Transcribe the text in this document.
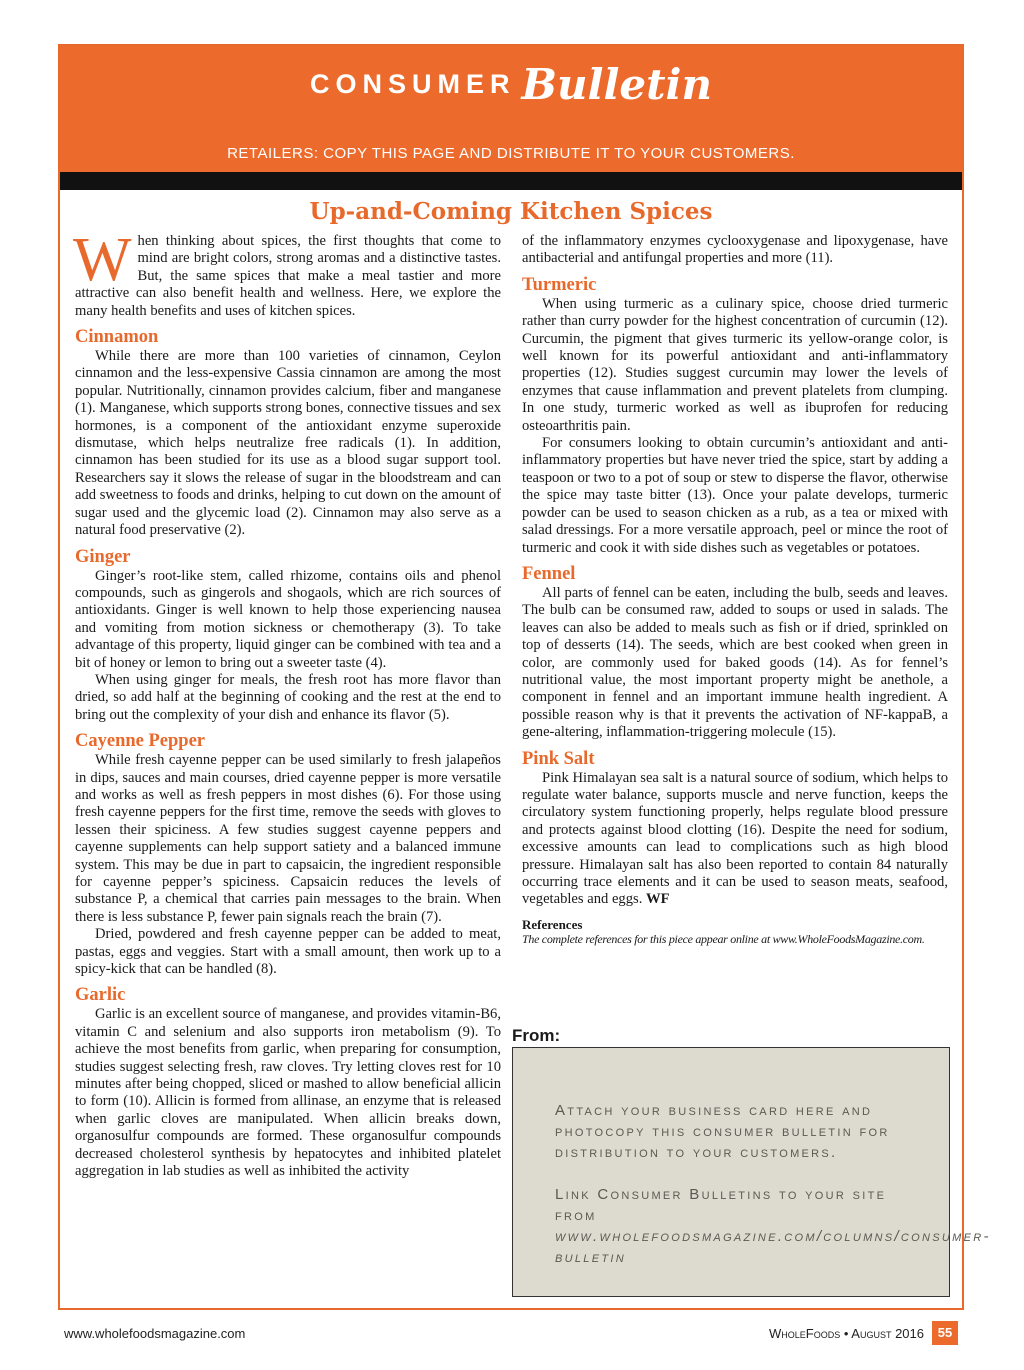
CONSUMER Bulletin
RETAILERS: COPY THIS PAGE AND DISTRIBUTE IT TO YOUR CUSTOMERS.
Up-and-Coming Kitchen Spices

When thinking about spices, the first thoughts that come to mind are bright colors, strong aromas and a distinctive tastes. But, the same spices that make a meal tastier and more attractive can also benefit health and wellness. Here, we explore the many health benefits and uses of kitchen spices.

Cinnamon

While there are more than 100 varieties of cinnamon, Ceylon cinnamon and the less-expensive Cassia cinnamon are among the most popular. Nutritionally, cinnamon provides calcium, fiber and manganese (1). Manganese, which supports strong bones, connective tissues and sex hormones, is a component of the antioxidant enzyme superoxide dismutase, which helps neutralize free radicals (1). In addition, cinnamon has been studied for its use as a blood sugar support tool. Researchers say it slows the release of sugar in the bloodstream and can add sweetness to foods and drinks, helping to cut down on the amount of sugar used and the glycemic load (2). Cinnamon may also serve as a natural food preservative (2).

Ginger

Ginger’s root-like stem, called rhizome, contains oils and phenol compounds, such as gingerols and shogaols, which are rich sources of antioxidants. Ginger is well known to help those experiencing nausea and vomiting from motion sickness or chemotherapy (3). To take advantage of this property, liquid ginger can be combined with tea and a bit of honey or lemon to bring out a sweeter taste (4).

When using ginger for meals, the fresh root has more flavor than dried, so add half at the beginning of cooking and the rest at the end to bring out the complexity of your dish and enhance its flavor (5).

Cayenne Pepper

While fresh cayenne pepper can be used similarly to fresh jalapeños in dips, sauces and main courses, dried cayenne pepper is more versatile and works as well as fresh peppers in most dishes (6). For those using fresh cayenne peppers for the first time, remove the seeds with gloves to lessen their spiciness. A few studies suggest cayenne peppers and cayenne supplements can help support satiety and a balanced immune system. This may be due in part to capsaicin, the ingredient responsible for cayenne pepper’s spiciness. Capsaicin reduces the levels of substance P, a chemical that carries pain messages to the brain. When there is less substance P, fewer pain signals reach the brain (7).

Dried, powdered and fresh cayenne pepper can be added to meat, pastas, eggs and veggies. Start with a small amount, then work up to a spicy-kick that can be handled (8).

Garlic

Garlic is an excellent source of manganese, and provides vitamin-B6, vitamin C and selenium and also supports iron metabolism (9). To achieve the most benefits from garlic, when preparing for consumption, studies suggest selecting fresh, raw cloves. Try letting cloves rest for 10 minutes after being chopped, sliced or mashed to allow beneficial allicin to form (10). Allicin is formed from allinase, an enzyme that is released when garlic cloves are manipulated. When allicin breaks down, organosulfur compounds are formed. These organosulfur compounds decreased cholesterol synthesis by hepatocytes and inhibited platelet aggregation in lab studies as well as inhibited the activity

of the inflammatory enzymes cyclooxygenase and lipoxygenase, have antibacterial and antifungal properties and more (11).

Turmeric

When using turmeric as a culinary spice, choose dried turmeric rather than curry powder for the highest concentration of curcumin (12). Curcumin, the pigment that gives turmeric its yellow-orange color, is well known for its powerful antioxidant and anti-inflammatory properties (12). Studies suggest curcumin may lower the levels of enzymes that cause inflammation and prevent platelets from clumping. In one study, turmeric worked as well as ibuprofen for reducing osteoarthritis pain.

For consumers looking to obtain curcumin’s antioxidant and anti-inflammatory properties but have never tried the spice, start by adding a teaspoon or two to a pot of soup or stew to disperse the flavor, otherwise the spice may taste bitter (13). Once your palate develops, turmeric powder can be used to season chicken as a rub, as a tea or mixed with salad dressings. For a more versatile approach, peel or mince the root of turmeric and cook it with side dishes such as vegetables or potatoes.

Fennel

All parts of fennel can be eaten, including the bulb, seeds and leaves. The bulb can be consumed raw, added to soups or used in salads. The leaves can also be added to meals such as fish or if dried, sprinkled on top of desserts (14). The seeds, which are best cooked when green in color, are commonly used for baked goods (14). As for fennel’s nutritional value, the most important property might be anethole, a component in fennel and an important immune health ingredient. A possible reason why is that it prevents the activation of NF-kappaB, a gene-altering, inflammation-triggering molecule (15).

Pink Salt

Pink Himalayan sea salt is a natural source of sodium, which helps to regulate water balance, supports muscle and nerve function, keeps the circulatory system functioning properly, helps regulate blood pressure and protects against blood clotting (16). Despite the need for sodium, excessive amounts can lead to complications such as high blood pressure. Himalayan salt has also been reported to contain 84 naturally occurring trace elements and it can be used to season meats, seafood, vegetables and eggs. WF

References
The complete references for this piece appear online at www.WholeFoodsMagazine.com.
From:

Attach your business card here and photocopy this consumer bulletin for distribution to your customers.

Link Consumer Bulletins to your site from www.wholefoodsmagazine.com/columns/consumer-bulletin

www.wholefoodsmagazine.com	WholeFoods • August 2016	55
